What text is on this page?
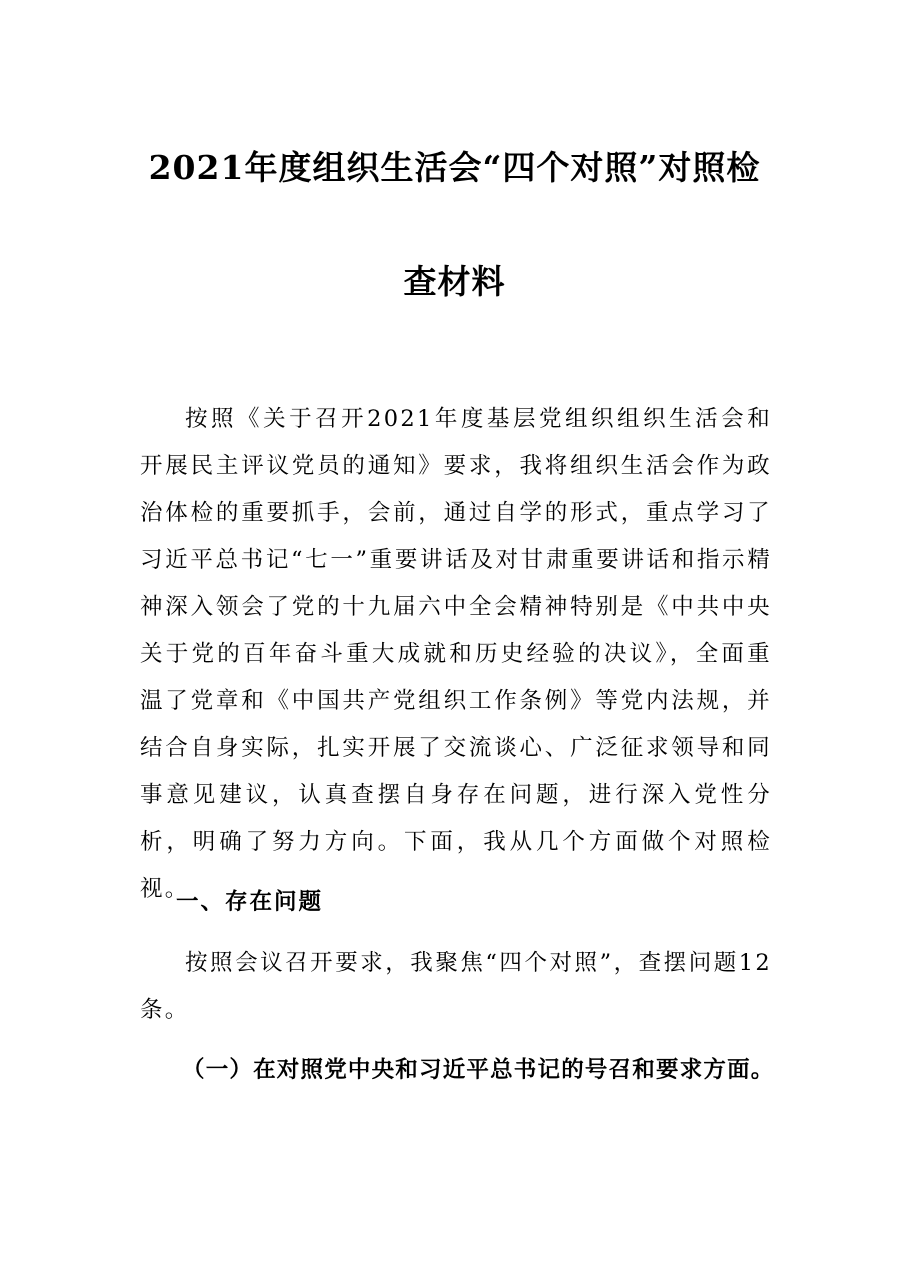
2021年度组织生活会“四个对照”对照检
查材料
按照《关于召开2021年度基层党组织组织生活会和开展民主评议党员的通知》要求，我将组织生活会作为政治体检的重要抓手，会前，通过自学的形式，重点学习了习近平总书记“七一”重要讲话及对甘肃重要讲话和指示精神深入领会了党的十九届六中全会精神特别是《中共中央关于党的百年奋斗重大成就和历史经验的决议》，全面重温了党章和《中国共产党组织工作条例》等党内法规，并结合自身实际，扎实开展了交流谈心、广泛征求领导和同事意见建议，认真查摆自身存在问题，进行深入党性分析，明确了努力方向。下面，我从几个方面做个对照检视。
一、存在问题
按照会议召开要求，我聚焦“四个对照”，查摆问题12条。
（一）在对照党中央和习近平总书记的号召和要求方面。
